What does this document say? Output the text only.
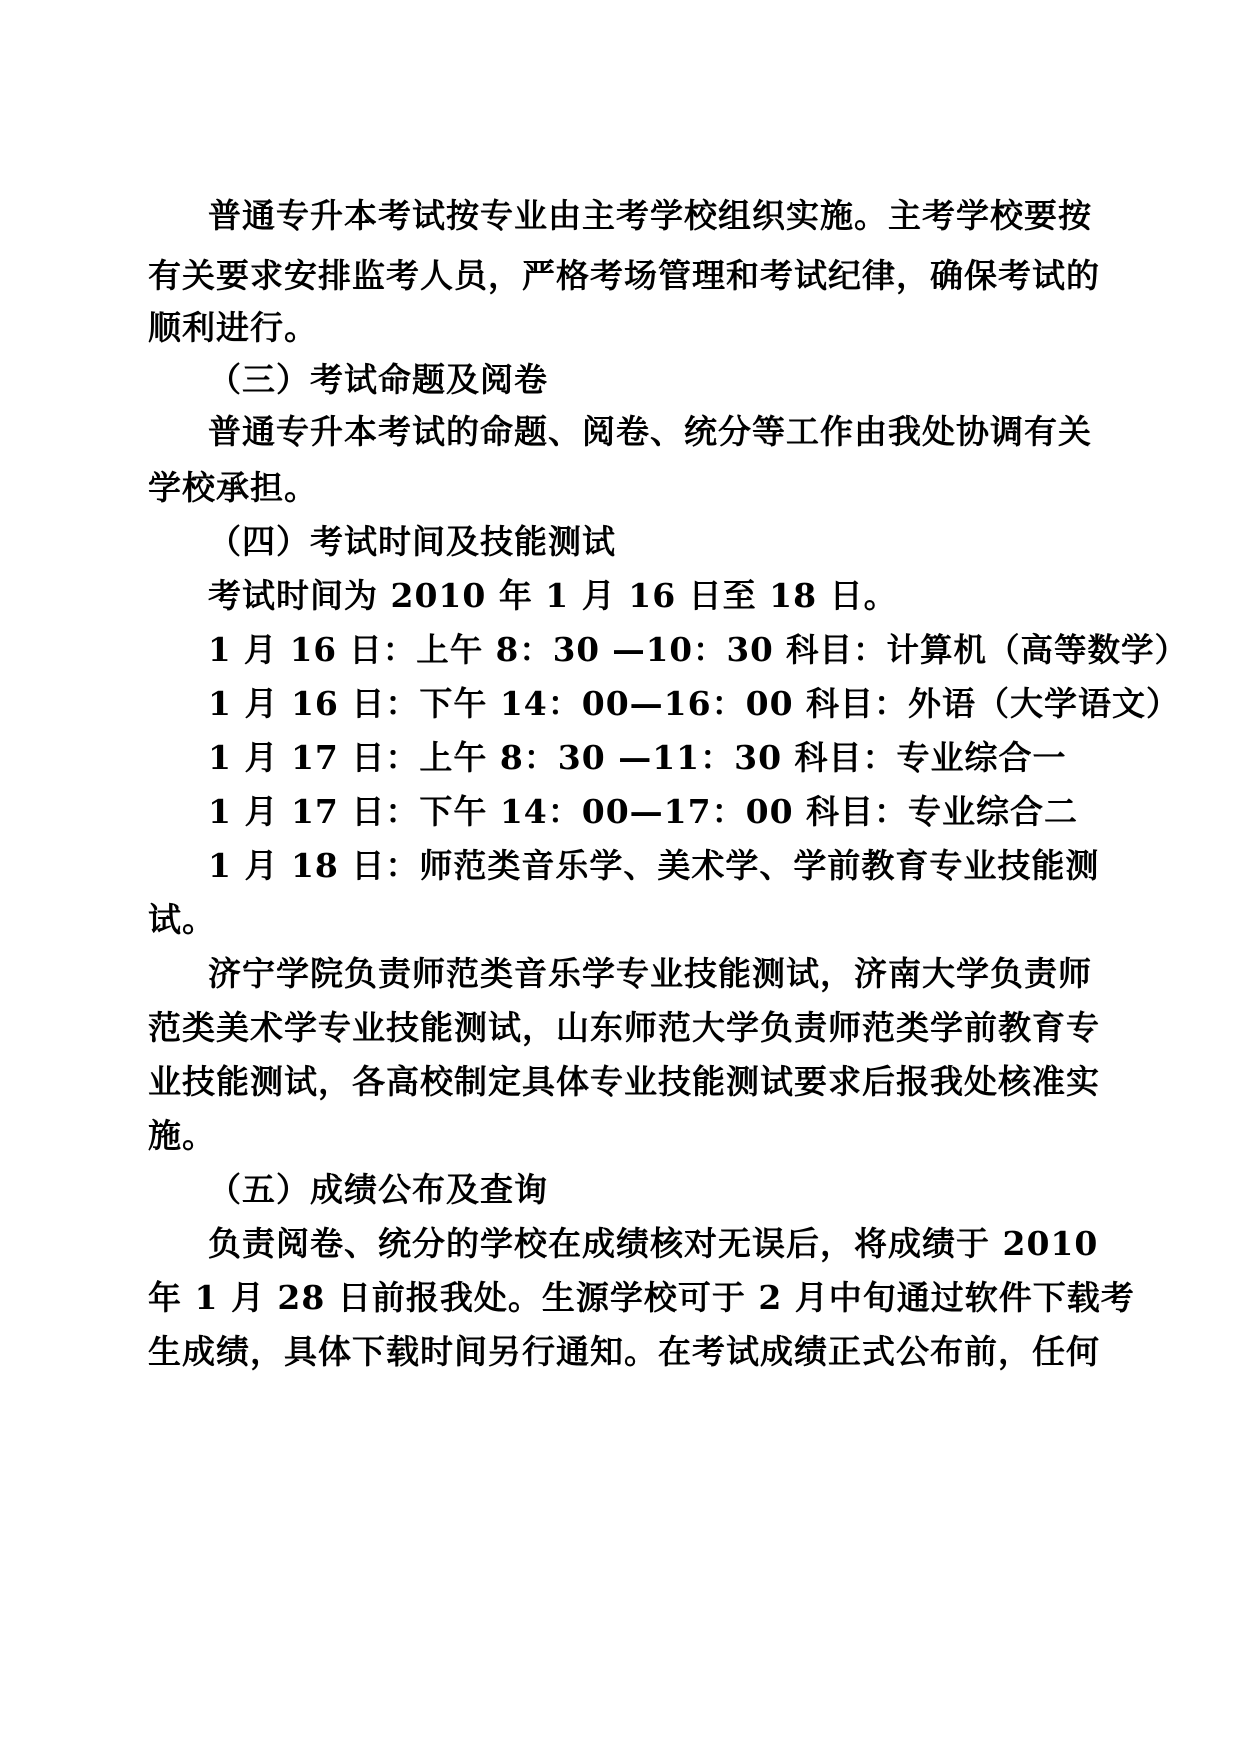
普通专升本考试按专业由主考学校组织实施。主考学校要按
有关要求安排监考人员，严格考场管理和考试纪律，确保考试的
顺利进行。
（三）考试命题及阅卷
普通专升本考试的命题、阅卷、统分等工作由我处协调有关
学校承担。
（四）考试时间及技能测试
考试时间为 2010 年 1 月 16 日至 18 日。
1 月 16 日：上午 8：30 —10：30 科目：计算机（高等数学）
1 月 16 日：下午 14：00—16：00 科目：外语（大学语文）
1 月 17 日：上午 8：30 —11：30 科目：专业综合一
1 月 17 日：下午 14：00—17：00 科目：专业综合二
1 月 18 日：师范类音乐学、美术学、学前教育专业技能测
试。
济宁学院负责师范类音乐学专业技能测试，济南大学负责师
范类美术学专业技能测试，山东师范大学负责师范类学前教育专
业技能测试，各高校制定具体专业技能测试要求后报我处核准实
施。
（五）成绩公布及查询
负责阅卷、统分的学校在成绩核对无误后，将成绩于 2010
年 1 月 28 日前报我处。生源学校可于 2 月中旬通过软件下载考
生成绩，具体下载时间另行通知。在考试成绩正式公布前，任何
